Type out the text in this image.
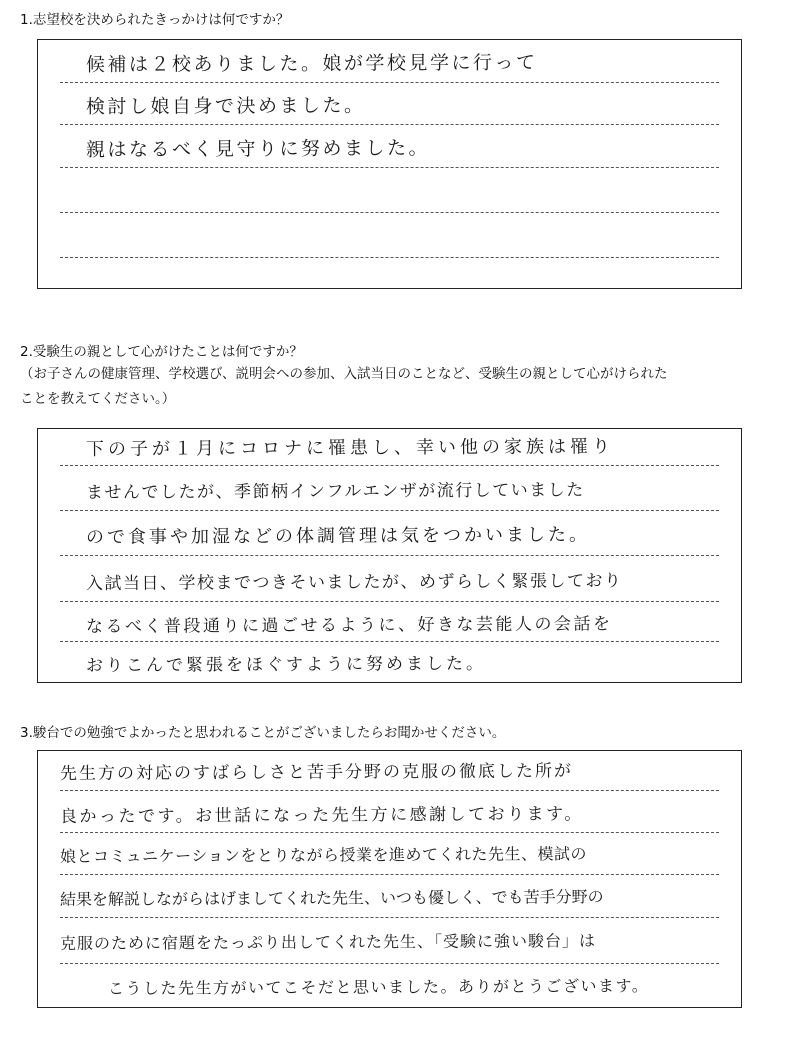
1.志望校を決められたきっかけは何ですか？
候補は２校ありました。娘が学校見学に行って
検討し娘自身で決めました。
親はなるべく見守りに努めました。
2.受験生の親として心がけたことは何ですか？
（お子さんの健康管理、学校選び、説明会への参加、入試当日のことなど、受験生の親として心がけられた
ことを教えてください。）
下の子が１月にコロナに罹患し、幸い他の家族は罹り
ませんでしたが、季節柄インフルエンザが流行していました
ので食事や加湿などの体調管理は気をつかいました。
入試当日、学校までつきそいましたが、めずらしく緊張しており
なるべく普段通りに過ごせるように、好きな芸能人の会話を
おりこんで緊張をほぐすように努めました。
3.駿台での勉強でよかったと思われることがございましたらお聞かせください。
先生方の対応のすばらしさと苦手分野の克服の徹底した所が
良かったです。お世話になった先生方に感謝しております。
娘とコミュニケーションをとりながら授業を進めてくれた先生、模試の
結果を解説しながらはげましてくれた先生、いつも優しく、でも苦手分野の
克服のために宿題をたっぷり出してくれた先生、「受験に強い駿台」は
こうした先生方がいてこそだと思いました。ありがとうございます。
